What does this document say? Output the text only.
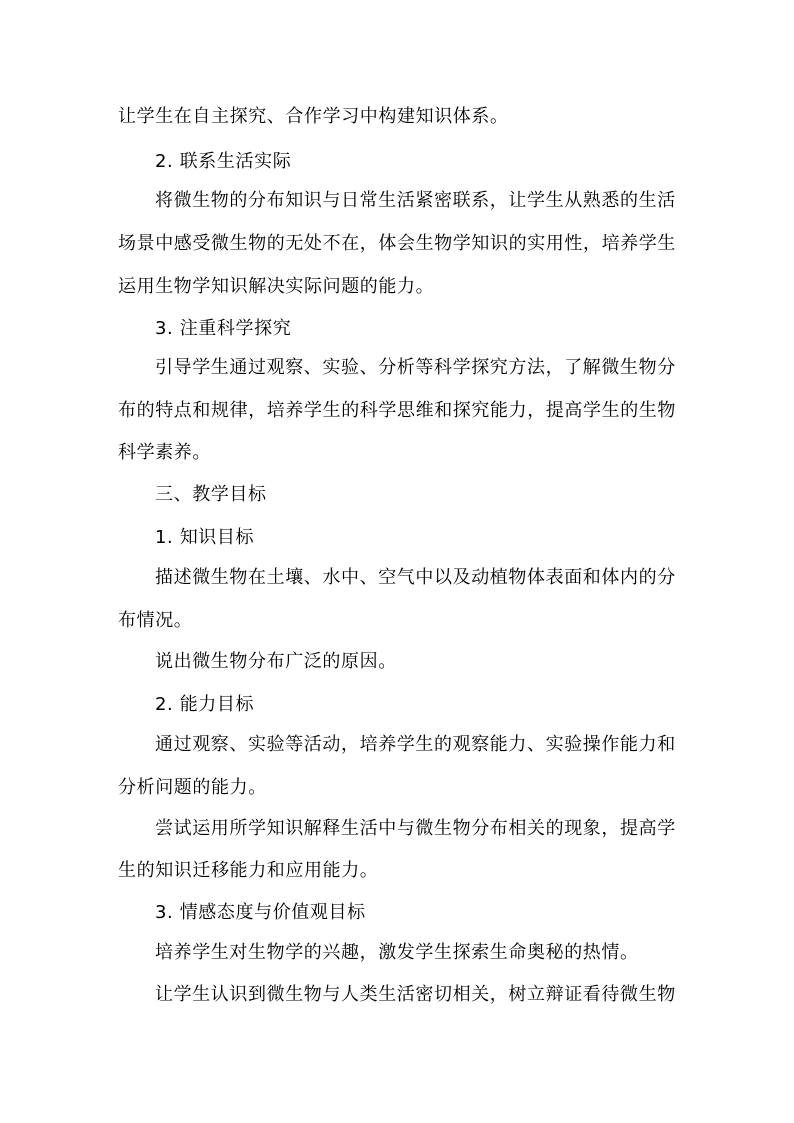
让学生在自主探究、合作学习中构建知识体系。
2. 联系生活实际
将微生物的分布知识与日常生活紧密联系，让学生从熟悉的生活
场景中感受微生物的无处不在，体会生物学知识的实用性，培养学生
运用生物学知识解决实际问题的能力。
3. 注重科学探究
引导学生通过观察、实验、分析等科学探究方法，了解微生物分
布的特点和规律，培养学生的科学思维和探究能力，提高学生的生物
科学素养。
三、教学目标
1. 知识目标
描述微生物在土壤、水中、空气中以及动植物体表面和体内的分
布情况。
说出微生物分布广泛的原因。
2. 能力目标
通过观察、实验等活动，培养学生的观察能力、实验操作能力和
分析问题的能力。
尝试运用所学知识解释生活中与微生物分布相关的现象，提高学
生的知识迁移能力和应用能力。
3. 情感态度与价值观目标
培养学生对生物学的兴趣，激发学生探索生命奥秘的热情。
让学生认识到微生物与人类生活密切相关，树立辩证看待微生物
